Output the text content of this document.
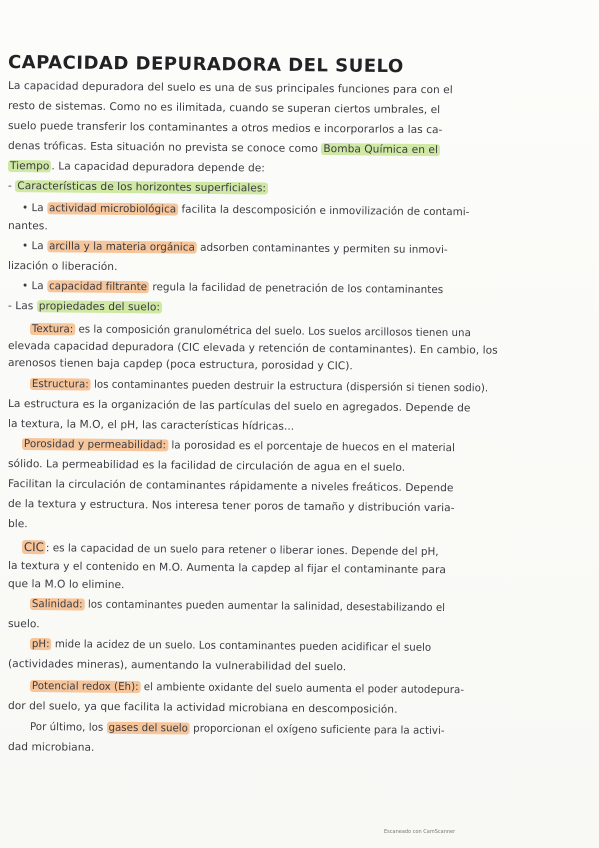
CAPACIDAD DEPURADORA DEL SUELO
La capacidad depuradora del suelo es una de sus principales funciones para con el
resto de sistemas. Como no es ilimitada, cuando se superan ciertos umbrales, el
suelo puede transferir los contaminantes a otros medios e incorporarlos a las ca-
denas tróficas. Esta situación no prevista se conoce como Bomba Química en el
Tiempo . La capacidad depuradora depende de:
- Características de los horizontes superficiales:
• La actividad microbiológica facilita la descomposición e inmovilización de contami-
nantes.
• La arcilla y la materia orgánica adsorben contaminantes y permiten su inmovi-
lización o liberación.
• La capacidad filtrante regula la facilidad de penetración de los contaminantes
- Las propiedades del suelo:
Textura: es la composición granulométrica del suelo. Los suelos arcillosos tienen una
elevada capacidad depuradora (CIC elevada y retención de contaminantes). En cambio, los
arenosos tienen baja capdep (poca estructura, porosidad y CIC).
Estructura: los contaminantes pueden destruir la estructura (dispersión si tienen sodio).
La estructura es la organización de las partículas del suelo en agregados. Depende de
la textura, la M.O, el pH, las características hídricas...
Porosidad y permeabilidad: la porosidad es el porcentaje de huecos en el material
sólido. La permeabilidad es la facilidad de circulación de agua en el suelo.
Facilitan la circulación de contaminantes rápidamente a niveles freáticos. Depende
de la textura y estructura. Nos interesa tener poros de tamaño y distribución varia-
ble.
CIC : es la capacidad de un suelo para retener o liberar iones. Depende del pH,
la textura y el contenido en M.O. Aumenta la capdep al fijar el contaminante para
que la M.O lo elimine.
Salinidad: los contaminantes pueden aumentar la salinidad, desestabilizando el
suelo.
pH: mide la acidez de un suelo. Los contaminantes pueden acidificar el suelo
(actividades mineras), aumentando la vulnerabilidad del suelo.
Potencial redox (Eh): el ambiente oxidante del suelo aumenta el poder autodepura-
dor del suelo, ya que facilita la actividad microbiana en descomposición.
Por último, los gases del suelo proporcionan el oxígeno suficiente para la activi-
dad microbiana.
Escaneado con CamScanner
